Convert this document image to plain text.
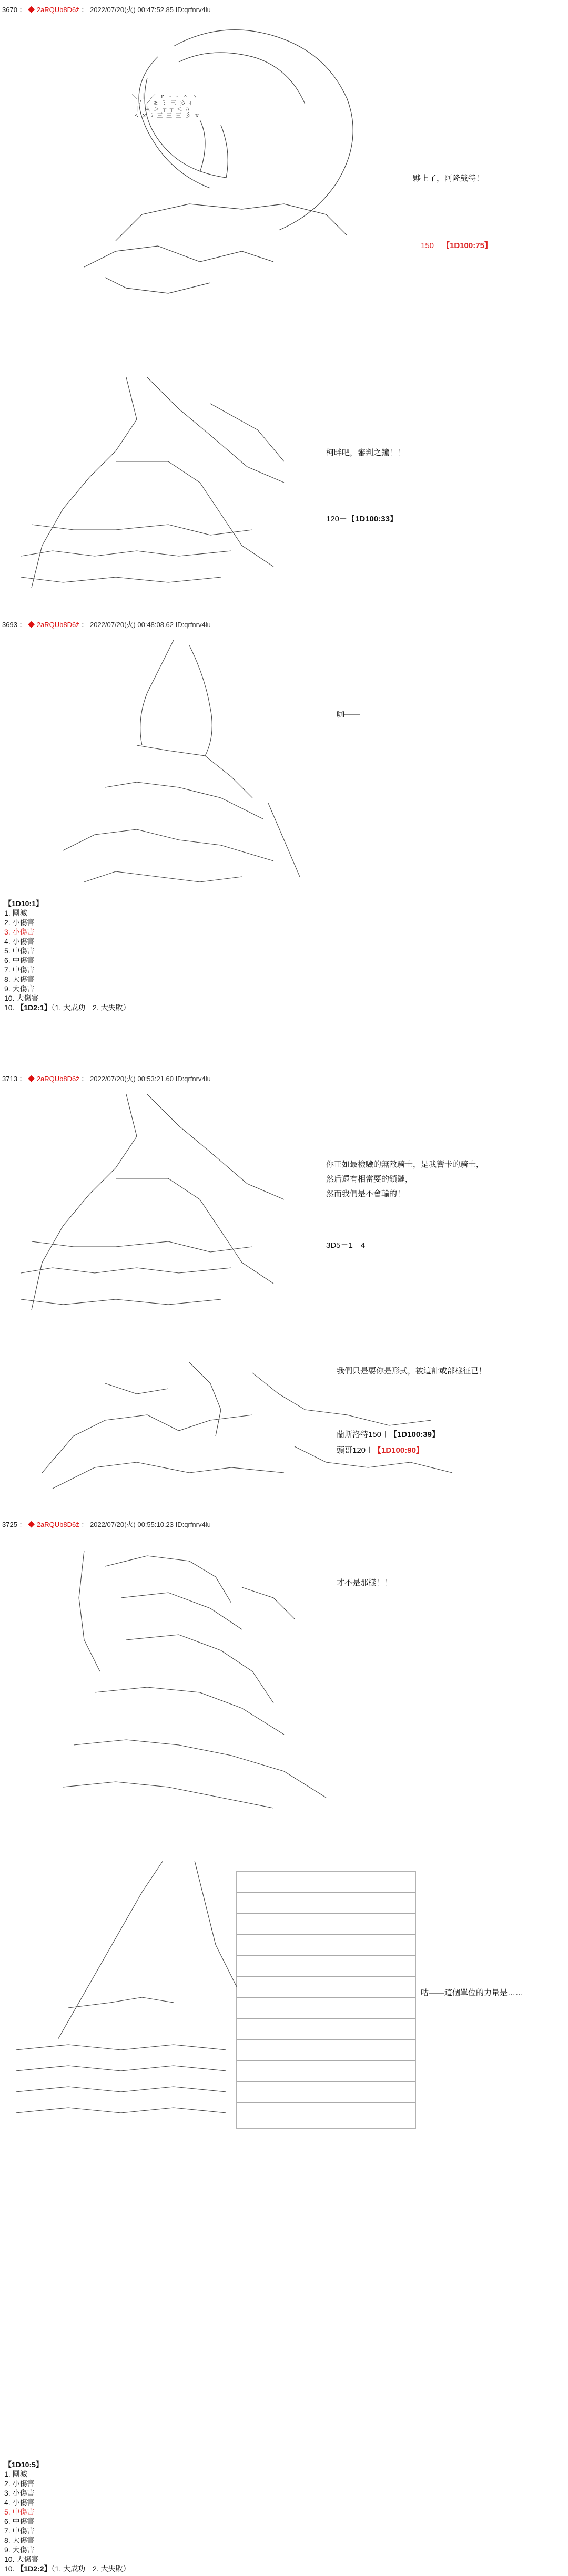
3670 ： ◆ 2aRQUb8D6ž ： 2022/07/20(火) 00:47:52.85 ID:qrfnrv4lu
＼ ｜ ／ ｒ ‐ ‐ ＾ ヽ
ﾉ ／ ≧ ミ 三 彡 ｨ
｜ 从 ＞ ┬ ┬ ＜ ﾊ
ﾍ ｘ ﾐ 三 三 三 彡 ｘ
夥上了，阿隆戴特！
150＋【1D100:75】
柯畔吧，審判之鐘！！
120＋【1D100:33】
3693 ： ◆ 2aRQUb8D6ž ： 2022/07/20(火) 00:48:08.62 ID:qrfnrv4lu
咖——
【1D10:1】
1. 團滅
2. 小傷害
3. 小傷害
4. 小傷害
5. 中傷害
6. 中傷害
7. 中傷害
8. 大傷害
9. 大傷害
10. 大傷害
10. 【1D2:1】（1. 大成功　2. 大失敗）
3713 ： ◆ 2aRQUb8D6ž ： 2022/07/20(火) 00:53:21.60 ID:qrfnrv4lu
你正如最檢驗的無敵騎士，是我響卡的騎士，
然后還有相當要的鎖鏈，
然而我們是不會輸的！
3D5＝1＋4
我們只是要你是形式，被這計或部樣征已！
蘭斯洛特150＋【1D100:39】
頭哥120＋【1D100:90】
3725 ： ◆ 2aRQUb8D6ž ： 2022/07/20(火) 00:55:10.23 ID:qrfnrv4lu
才不是那樣！！
咕——這個單位的力量是……
【1D10:5】
1. 團滅
2. 小傷害
3. 小傷害
4. 小傷害
5. 中傷害
6. 中傷害
7. 中傷害
8. 大傷害
9. 大傷害
10. 大傷害
10. 【1D2:2】（1. 大成功　2. 大失敗）
